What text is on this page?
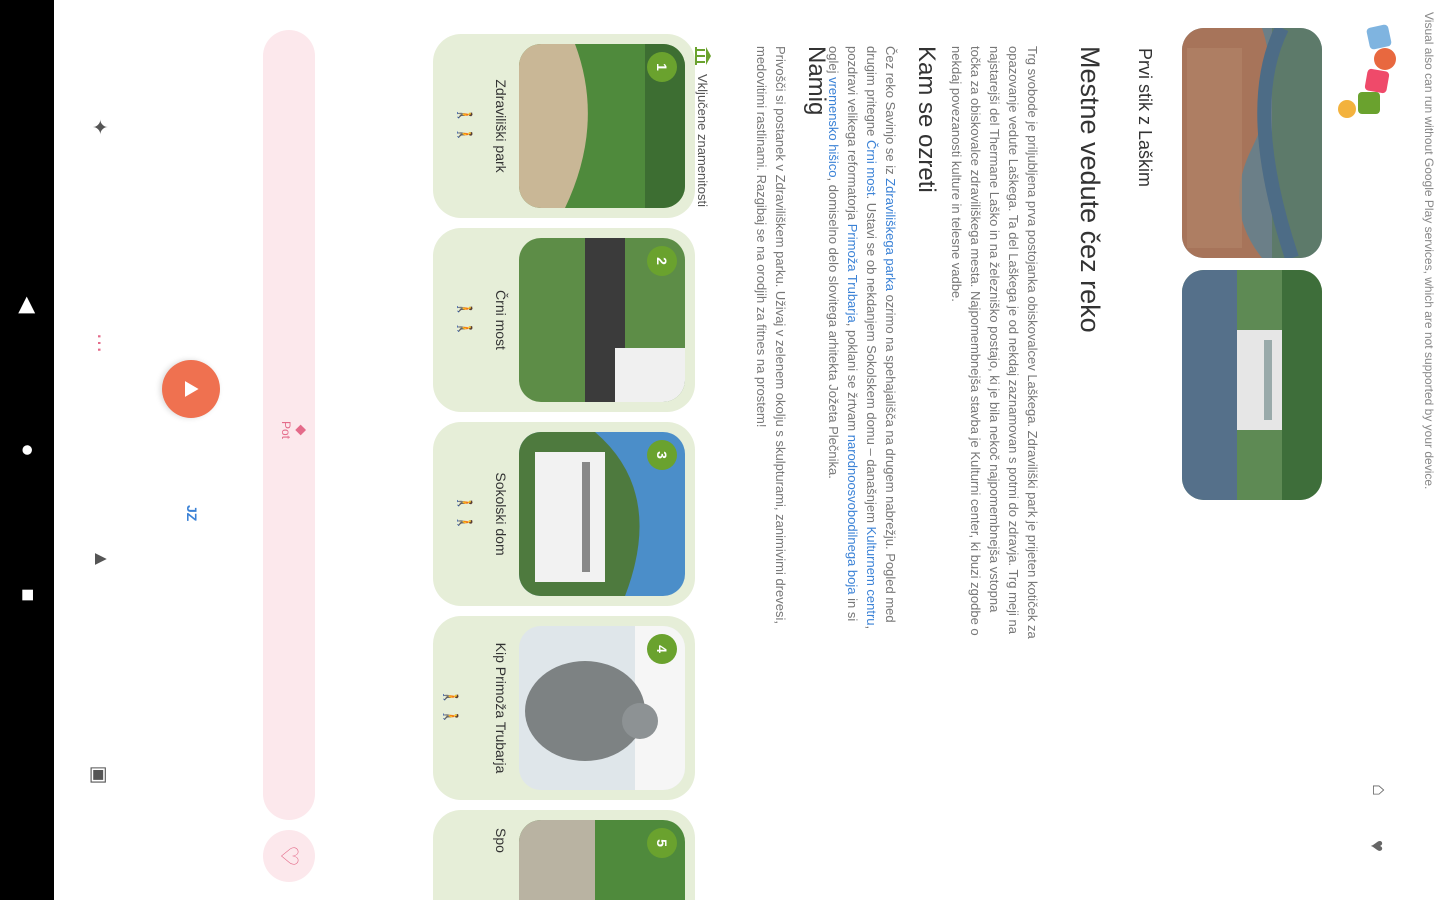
Visual also can run without Google Play services, which are not supported by your device.
⌂
♥
Prvi stik z Laškim
Mestne vedute čez reko
Trg svobode je priljubljena prva postojanka obiskovalcev Laškega. Zdraviliški park je prijeten kotiček za opazovanje vedute Laškega. Ta del Laškega je od nekdaj zaznamovan s potmi do zdravja. Trg meji na najstarejši del Thermane Laško in na železniško postajo, ki je bila nekoč najpomembnejša vstopna točka za obiskovalce zdraviliškega mesta. Najpomembnejša stavba je Kulturni center, ki buzi zgodbe o nekdaj povezanosti kulture in telesne vadbe.
Kam se ozreti
Čez reko Savinjo se iz Zdraviliškega parka ozrimo na spehajališča na drugem nabrežju. Pogled med drugim pritegne Črni most. Ustavi se ob nekdanjem Sokolskem domu – današnjem Kulturnem centru, pozdravi velikega reformatorja Primoža Trubarja, poklani se žrtvam narodnoosvobodilnega boja in si oglej vremensko hišico, domiselno delo slovitega arhitekta Jožeta Plečnika.
Namig
Privošči si postanek v Zdraviliškem parku. Uživaj v zelenem okolju s skulpturami, zanimivimi drevesi, medovitimi rastlinami. Razgibaj se na orodjih za fitnes na prostem!
Vključene znamenitosti
1
Zdraviliški park
🚶🚶
2
Črni most
🚶🚶
3
Sokolski dom
🚶🚶
4
Kip Primoža Trubarja
🚶🚶
5
Spo
◆
Pot
♡
⛰
JZ
✦
⋯
▲
▣
◀
●
■
